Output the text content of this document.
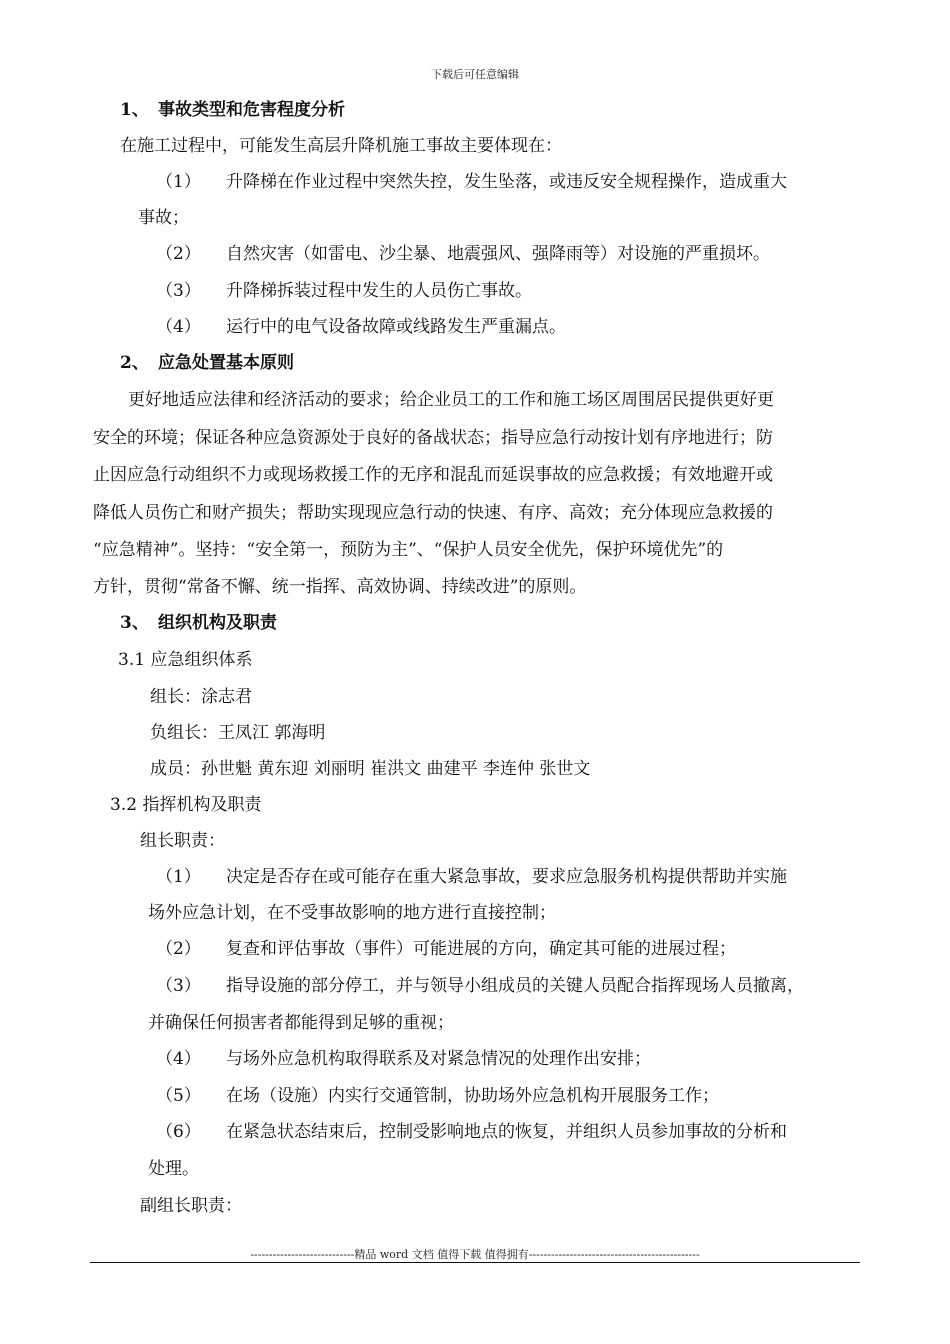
下载后可任意编辑
1、 事故类型和危害程度分析
在施工过程中，可能发生高层升降机施工事故主要体现在：
（1） 升降梯在作业过程中突然失控，发生坠落，或违反安全规程操作，造成重大
事故；
（2） 自然灾害（如雷电、沙尘暴、地震强风、强降雨等）对设施的严重损坏。
（3） 升降梯拆装过程中发生的人员伤亡事故。
（4） 运行中的电气设备故障或线路发生严重漏点。
2、 应急处置基本原则
更好地适应法律和经济活动的要求；给企业员工的工作和施工场区周围居民提供更好更
安全的环境；保证各种应急资源处于良好的备战状态；指导应急行动按计划有序地进行；防
止因应急行动组织不力或现场救援工作的无序和混乱而延误事故的应急救援；有效地避开或
降低人员伤亡和财产损失；帮助实现现应急行动的快速、有序、高效；充分体现应急救援的
“应急精神”。坚持：“安全第一，预防为主”、“保护人员安全优先，保护环境优先”的
方针，贯彻“常备不懈、统一指挥、高效协调、持续改进”的原则。
3、 组织机构及职责
3.1 应急组织体系
组长：涂志君
负组长：王凤江 郭海明
成员：孙世魁 黄东迎 刘丽明 崔洪文 曲建平 李连仲 张世文
3.2 指挥机构及职责
组长职责：
（1） 决定是否存在或可能存在重大紧急事故，要求应急服务机构提供帮助并实施
场外应急计划，在不受事故影响的地方进行直接控制；
（2） 复查和评估事故（事件）可能进展的方向，确定其可能的进展过程；
（3） 指导设施的部分停工，并与领导小组成员的关键人员配合指挥现场人员撤离，
并确保任何损害者都能得到足够的重视；
（4） 与场外应急机构取得联系及对紧急情况的处理作出安排；
（5） 在场（设施）内实行交通管制，协助场外应急机构开展服务工作；
（6） 在紧急状态结束后，控制受影响地点的恢复，并组织人员参加事故的分析和
处理。
副组长职责：
----------------------------精品 word 文档 值得下载 值得拥有----------------------------------------------
